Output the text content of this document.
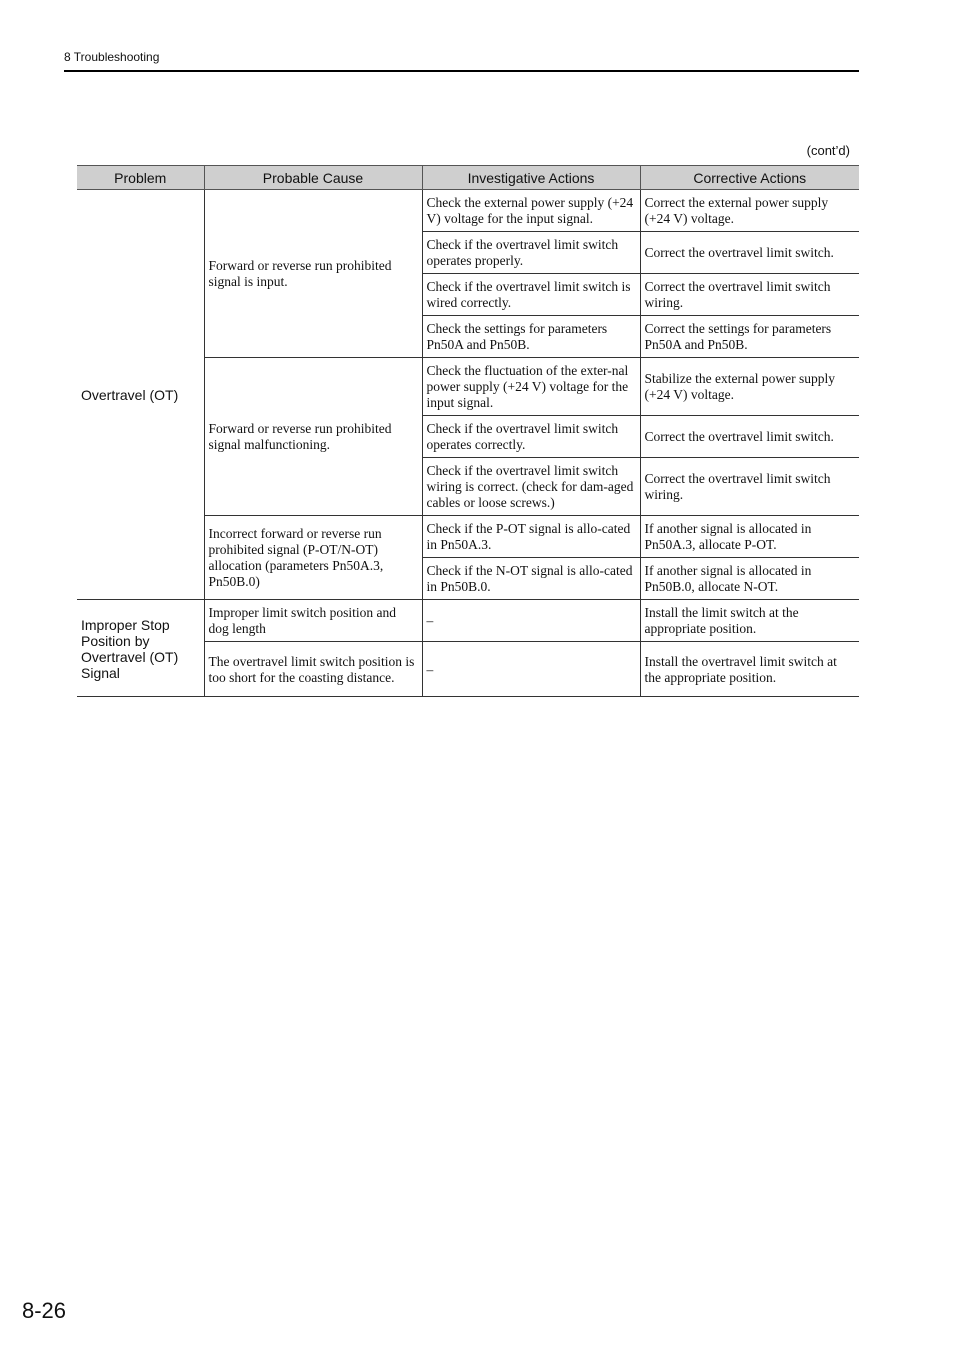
8 Troubleshooting
(cont’d)
Problem	Probable Cause	Investigative Actions	Corrective Actions
Overtravel (OT)	Forward or reverse run prohibited signal is input.	Check the external power supply (+24 V) voltage for the input signal.	Correct the external power supply (+24 V) voltage.
		Check if the overtravel limit switch operates properly.	Correct the overtravel limit switch.
		Check if the overtravel limit switch is wired correctly.	Correct the overtravel limit switch wiring.
		Check the settings for parameters Pn50A and Pn50B.	Correct the settings for parameters Pn50A and Pn50B.
	Forward or reverse run prohibited signal malfunctioning.	Check the fluctuation of the exter-nal power supply (+24 V) voltage for the input signal.	Stabilize the external power supply (+24 V) voltage.
		Check if the overtravel limit switch operates correctly.	Correct the overtravel limit switch.
		Check if the overtravel limit switch wiring is correct. (check for dam-aged cables or loose screws.)	Correct the overtravel limit switch wiring.
	Incorrect forward or reverse run prohibited signal (P-OT/N-OT) allocation (parameters Pn50A.3, Pn50B.0)	Check if the P-OT signal is allo-cated in Pn50A.3.	If another signal is allocated in Pn50A.3, allocate P-OT.
		Check if the N-OT signal is allo-cated in Pn50B.0.	If another signal is allocated in Pn50B.0, allocate N-OT.
Improper Stop Position by Overtravel (OT) Signal	Improper limit switch position and dog length	–	Install the limit switch at the appropriate position.
	The overtravel limit switch position is too short for the coasting distance.	–	Install the overtravel limit switch at the appropriate position.
8-26
